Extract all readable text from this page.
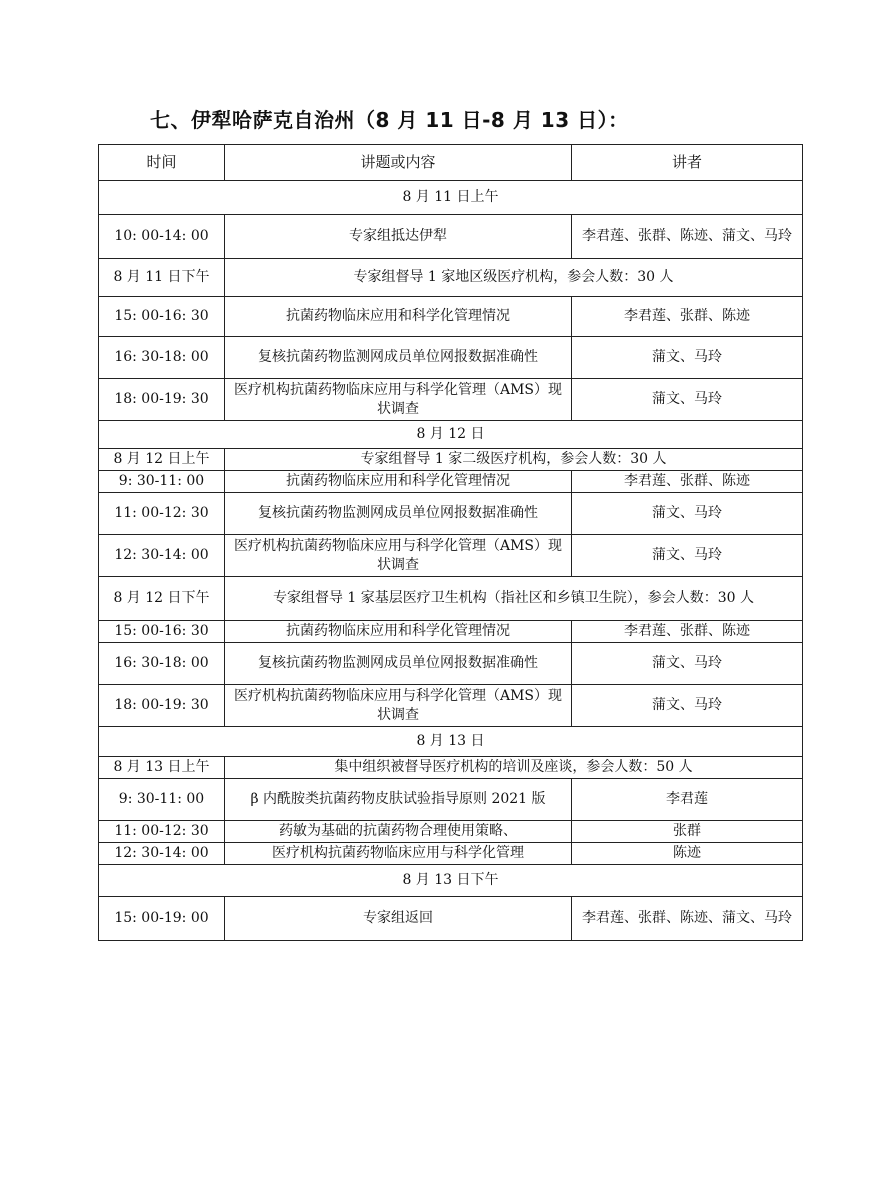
七、伊犁哈萨克自治州（8 月 11 日-8 月 13 日）：
时间	讲题或内容	讲者
8 月 11 日上午		
10: 00-14: 00	专家组抵达伊犁	李君莲、张群、陈迹、蒲文、马玲
8 月 11 日下午	专家组督导 1 家地区级医疗机构，参会人数：30 人	
15: 00-16: 30	抗菌药物临床应用和科学化管理情况	李君莲、张群、陈迹
16: 30-18: 00	复核抗菌药物监测网成员单位网报数据准确性	蒲文、马玲
18: 00-19: 30	医疗机构抗菌药物临床应用与科学化管理（AMS）现状调查	蒲文、马玲
8 月 12 日		
8 月 12 日上午	专家组督导 1 家二级医疗机构，参会人数：30 人	
9: 30-11: 00	抗菌药物临床应用和科学化管理情况	李君莲、张群、陈迹
11: 00-12: 30	复核抗菌药物监测网成员单位网报数据准确性	蒲文、马玲
12: 30-14: 00	医疗机构抗菌药物临床应用与科学化管理（AMS）现状调查	蒲文、马玲
8 月 12 日下午	专家组督导 1 家基层医疗卫生机构（指社区和乡镇卫生院），参会人数：30 人	
15: 00-16: 30	抗菌药物临床应用和科学化管理情况	李君莲、张群、陈迹
16: 30-18: 00	复核抗菌药物监测网成员单位网报数据准确性	蒲文、马玲
18: 00-19: 30	医疗机构抗菌药物临床应用与科学化管理（AMS）现状调查	蒲文、马玲
8 月 13 日		
8 月 13 日上午	集中组织被督导医疗机构的培训及座谈，参会人数：50 人	
9: 30-11: 00	β 内酰胺类抗菌药物皮肤试验指导原则 2021 版	李君莲
11: 00-12: 30	药敏为基础的抗菌药物合理使用策略、	张群
12: 30-14: 00	医疗机构抗菌药物临床应用与科学化管理	陈迹
8 月 13 日下午		
15: 00-19: 00	专家组返回	李君莲、张群、陈迹、蒲文、马玲
